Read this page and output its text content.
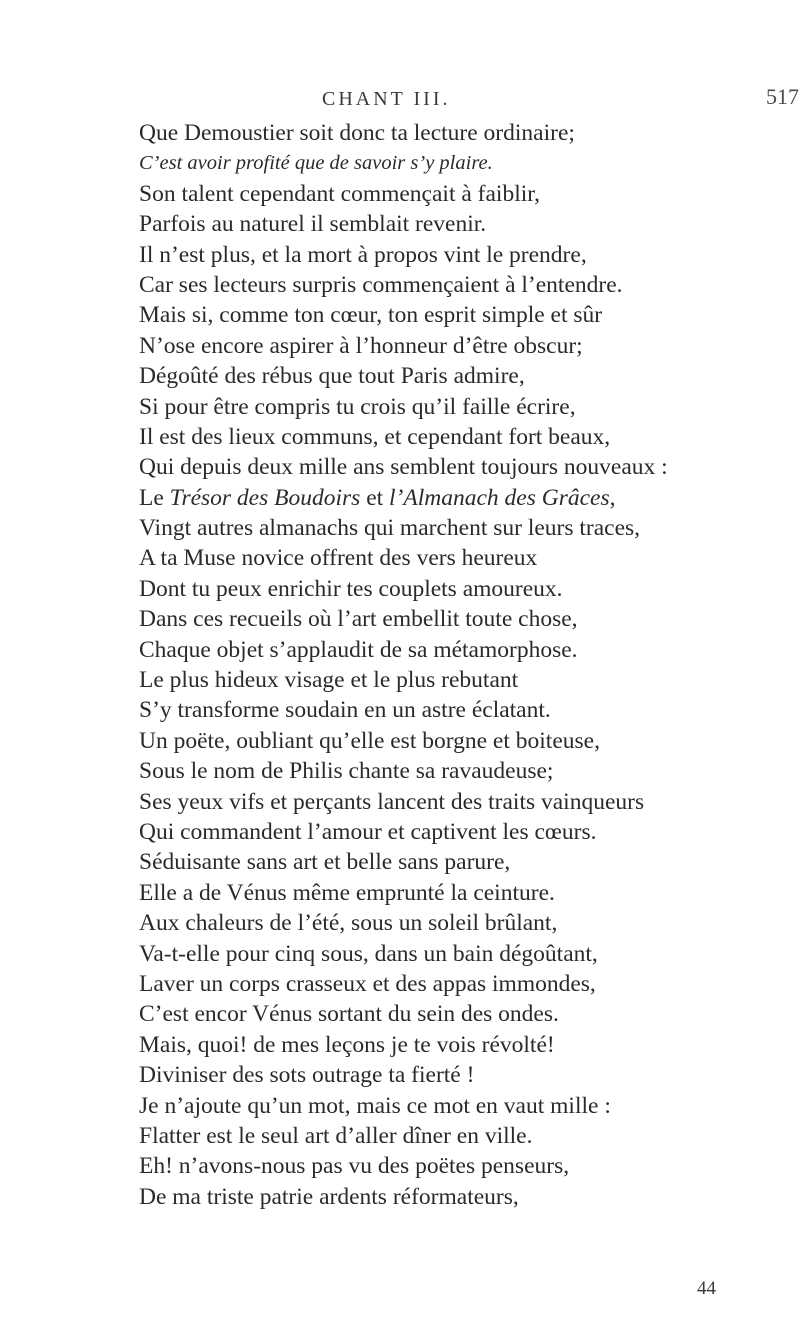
CHANT III.	517
Que Demoustier soit donc ta lecture ordinaire;
C’est avoir profité que de savoir s’y plaire.
Son talent cependant commençait à faiblir,
Parfois au naturel il semblait revenir.
Il n’est plus, et la mort à propos vint le prendre,
Car ses lecteurs surpris commençaient à l’entendre.
Mais si, comme ton cœur, ton esprit simple et sûr
N’ose encore aspirer à l’honneur d’être obscur;
Dégoûté des rébus que tout Paris admire,
Si pour être compris tu crois qu’il faille écrire,
Il est des lieux communs, et cependant fort beaux,
Qui depuis deux mille ans semblent toujours nouveaux :
Le Trésor des Boudoirs et l’Almanach des Grâces,
Vingt autres almanachs qui marchent sur leurs traces,
A ta Muse novice offrent des vers heureux
Dont tu peux enrichir tes couplets amoureux.
Dans ces recueils où l’art embellit toute chose,
Chaque objet s’applaudit de sa métamorphose.
Le plus hideux visage et le plus rebutant
S’y transforme soudain en un astre éclatant.
Un poëte, oubliant qu’elle est borgne et boiteuse,
Sous le nom de Philis chante sa ravaudeuse;
Ses yeux vifs et perçants lancent des traits vainqueurs
Qui commandent l’amour et captivent les cœurs.
Séduisante sans art et belle sans parure,
Elle a de Vénus même emprunté la ceinture.
Aux chaleurs de l’été, sous un soleil brûlant,
Va-t-elle pour cinq sous, dans un bain dégoûtant,
Laver un corps crasseux et des appas immondes,
C’est encor Vénus sortant du sein des ondes.
Mais, quoi! de mes leçons je te vois révolté!
Diviniser des sots outrage ta fierté !
Je n’ajoute qu’un mot, mais ce mot en vaut mille :
Flatter est le seul art d’aller dîner en ville.
Eh! n’avons-nous pas vu des poëtes penseurs,
De ma triste patrie ardents réformateurs,
44
